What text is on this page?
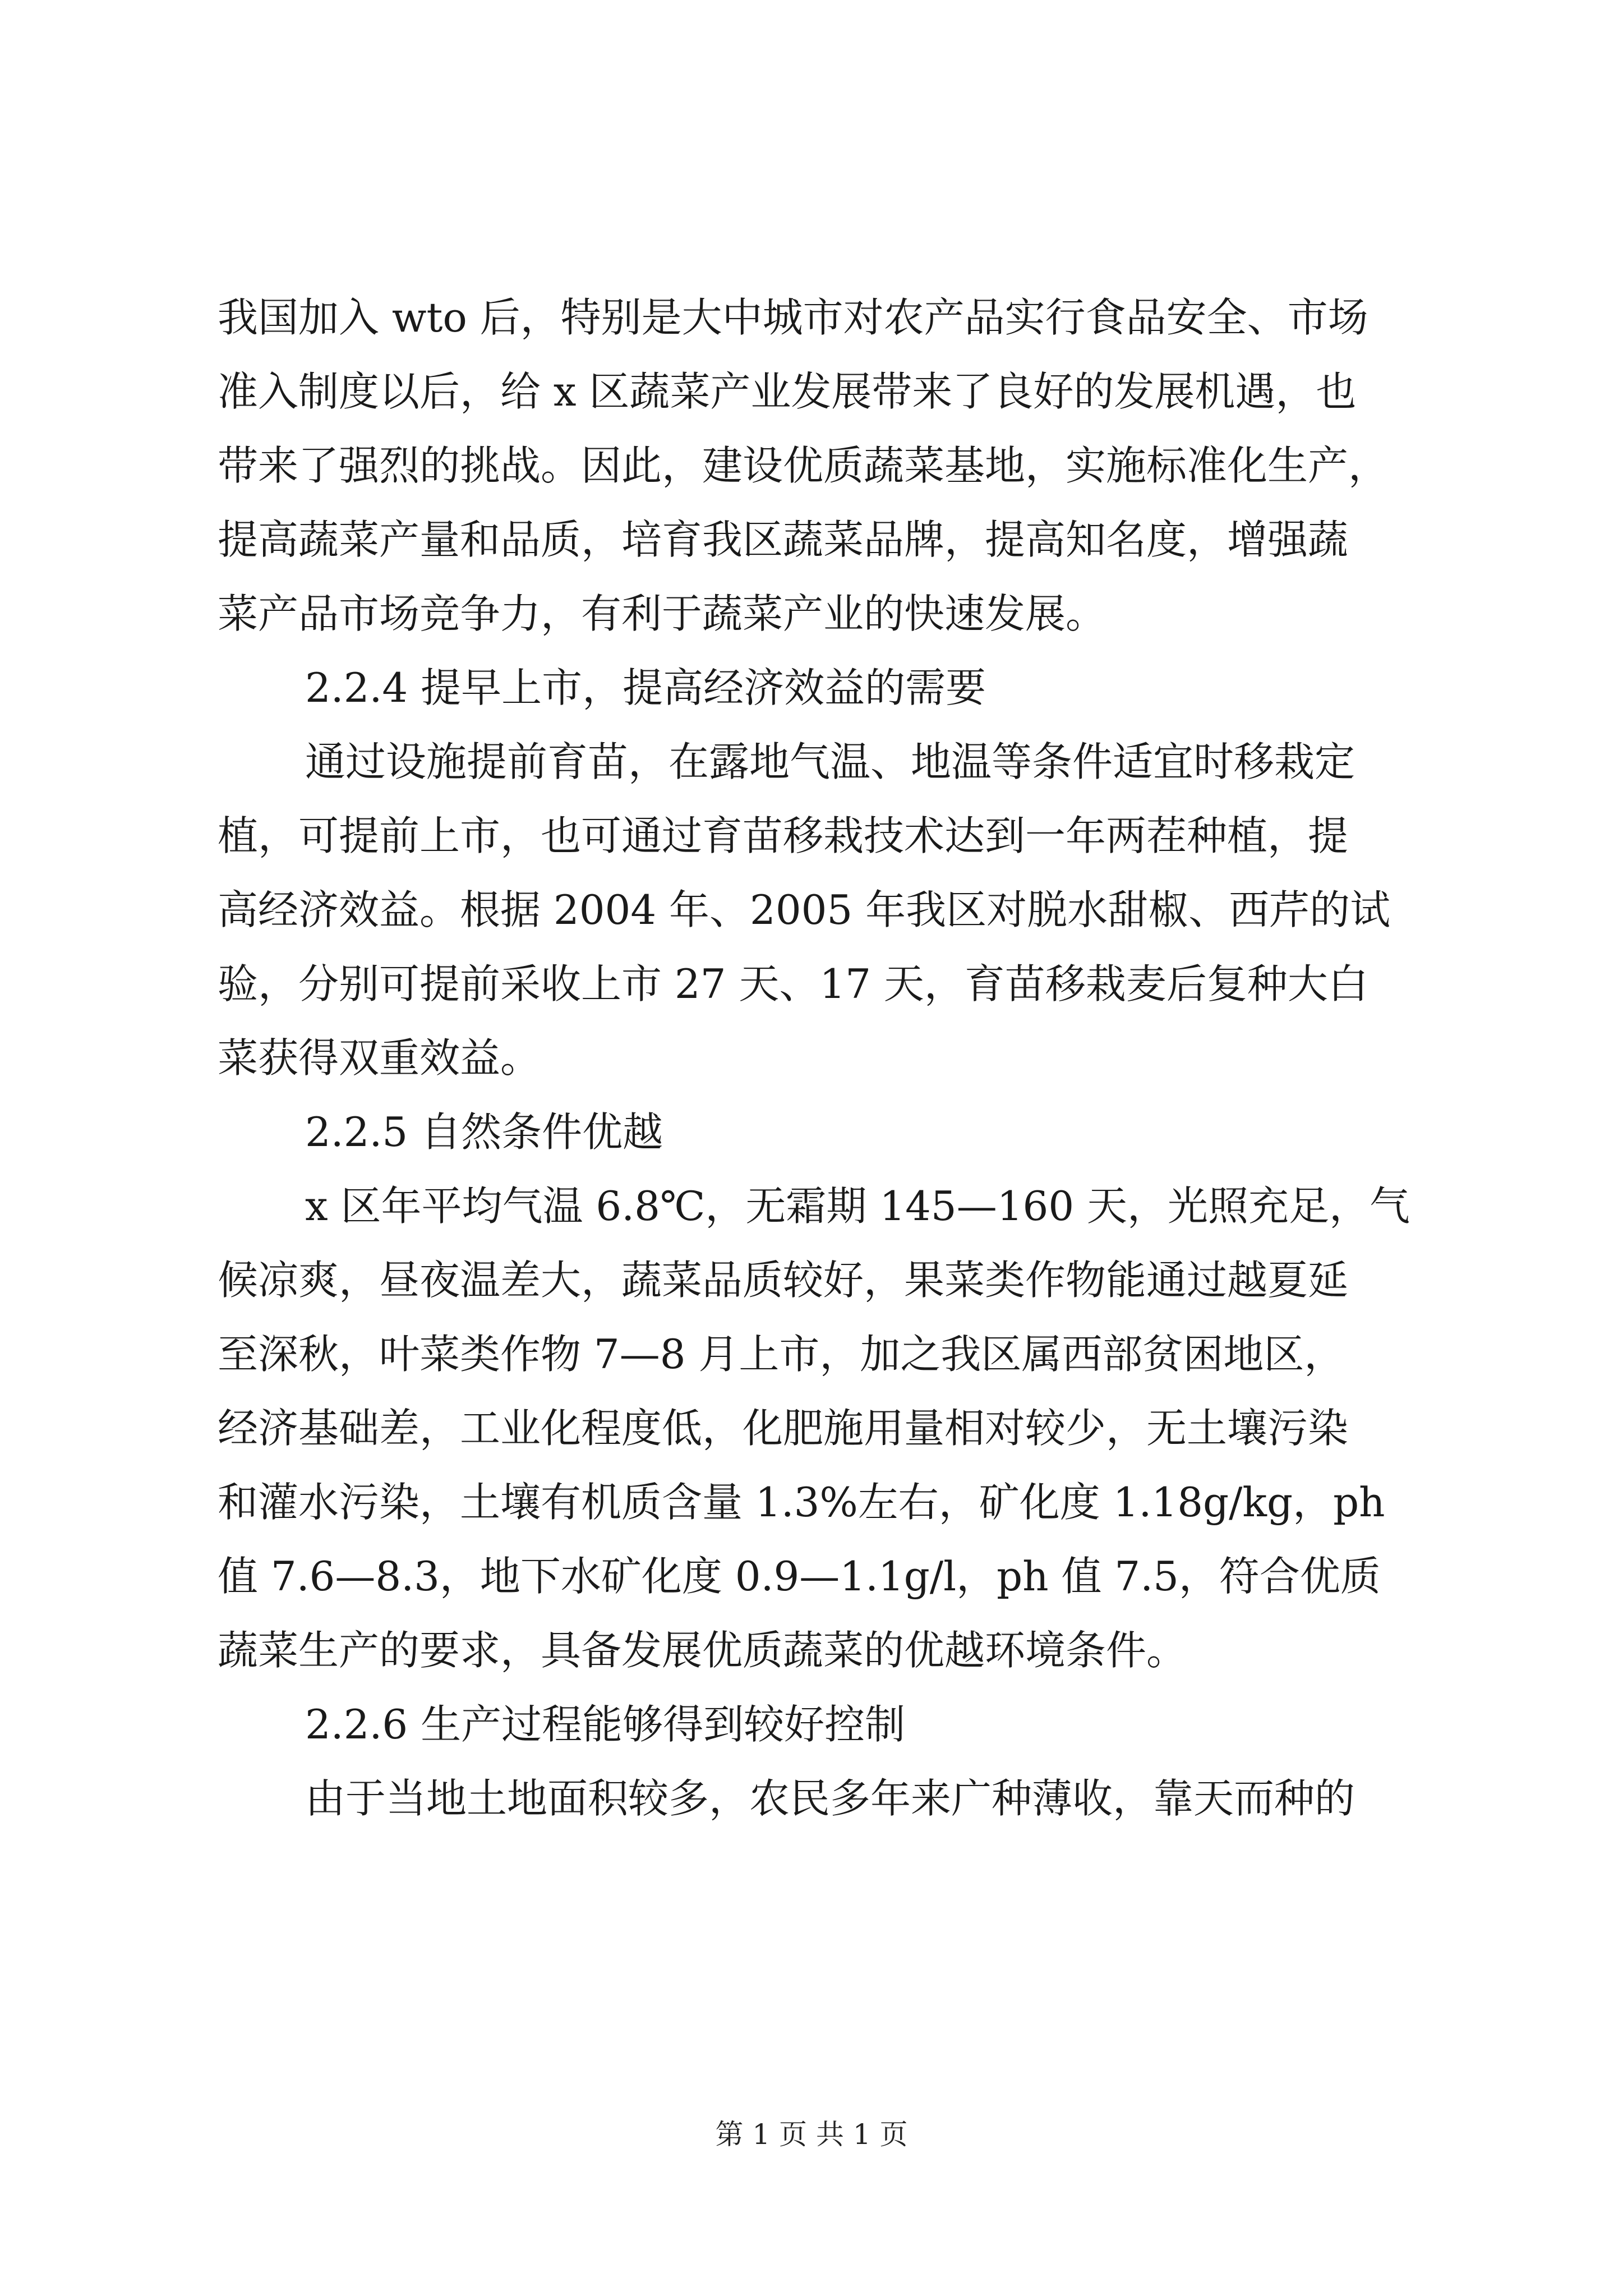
我国加入 wto 后，特别是大中城市对农产品实行食品安全、市场
准入制度以后，给 x 区蔬菜产业发展带来了良好的发展机遇，也
带来了强烈的挑战。因此，建设优质蔬菜基地，实施标准化生产，
提高蔬菜产量和品质，培育我区蔬菜品牌，提高知名度，增强蔬
菜产品市场竞争力，有利于蔬菜产业的快速发展。
2.2.4 提早上市，提高经济效益的需要
通过设施提前育苗，在露地气温、地温等条件适宜时移栽定
植，可提前上市，也可通过育苗移栽技术达到一年两茬种植，提
高经济效益。根据 2004 年、2005 年我区对脱水甜椒、西芹的试
验，分别可提前采收上市 27 天、17 天，育苗移栽麦后复种大白
菜获得双重效益。
2.2.5 自然条件优越
x 区年平均气温 6.8℃，无霜期 145—160 天，光照充足，气
候凉爽，昼夜温差大，蔬菜品质较好，果菜类作物能通过越夏延
至深秋，叶菜类作物 7—8 月上市，加之我区属西部贫困地区，
经济基础差，工业化程度低，化肥施用量相对较少，无土壤污染
和灌水污染，土壤有机质含量 1.3%左右，矿化度 1.18g/kg，ph
值 7.6—8.3，地下水矿化度 0.9—1.1g/l，ph 值 7.5，符合优质
蔬菜生产的要求，具备发展优质蔬菜的优越环境条件。
2.2.6 生产过程能够得到较好控制
由于当地土地面积较多，农民多年来广种薄收，靠天而种的
第 1 页 共 1 页
